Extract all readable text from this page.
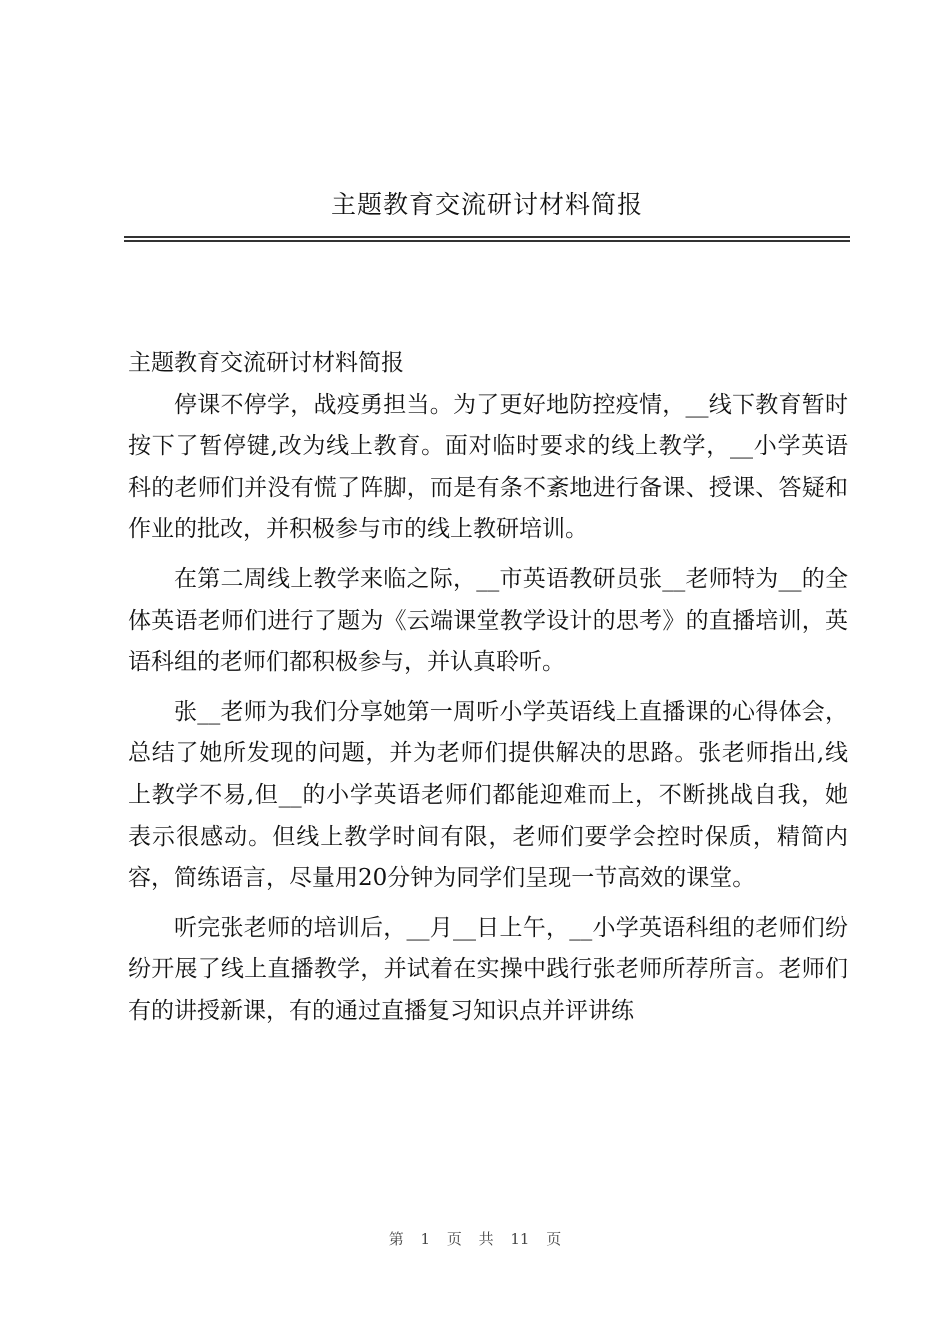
主题教育交流研讨材料简报

主题教育交流研讨材料简报

停课不停学，战疫勇担当。为了更好地防控疫情，__线下教育暂时按下了暂停键,改为线上教育。面对临时要求的线上教学，__小学英语科的老师们并没有慌了阵脚，而是有条不紊地进行备课、授课、答疑和作业的批改，并积极参与市的线上教研培训。

在第二周线上教学来临之际，__市英语教研员张__老师特为__的全体英语老师们进行了题为《云端课堂教学设计的思考》的直播培训，英语科组的老师们都积极参与，并认真聆听。

张__老师为我们分享她第一周听小学英语线上直播课的心得体会，总结了她所发现的问题，并为老师们提供解决的思路。张老师指出,线上教学不易,但__的小学英语老师们都能迎难而上，不断挑战自我，她表示很感动。但线上教学时间有限，老师们要学会控时保质，精简内容，简练语言，尽量用20分钟为同学们呈现一节高效的课堂。

听完张老师的培训后，__月__日上午，__小学英语科组的老师们纷纷开展了线上直播教学，并试着在实操中践行张老师所荐所言。老师们有的讲授新课，有的通过直播复习知识点并评讲练

第 1 页 共 11 页
